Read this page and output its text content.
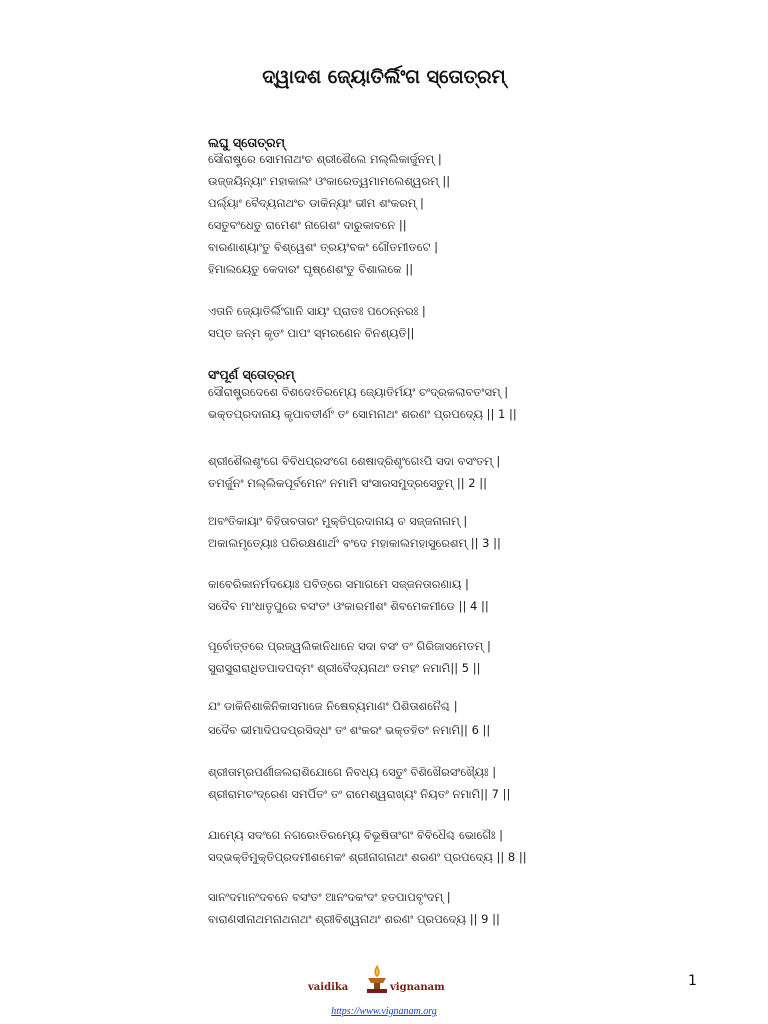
ଦ୍ୱାଦଶ ଜ୍ୟୋତିର୍ଲିଂଗ ସ୍ତୋତ୍ରମ୍
ଲଘୁ ସ୍ତୋତ୍ରମ୍
ସୌରାଷ୍ଟ୍ରେ ସୋମନାଥଂଚ ଶ୍ରୀଶୈଲେ ମଲ୍ଲିକାର୍ଜୁନମ୍ |
ଉଜ୍ଜୟିନ୍ୟାଂ ମହାକାଲଂ ଓଂକାରେତ୍ୱମାମଲେଶ୍ୱରମ୍ ||
ପର୍ଲ୍ୟାଂ ବୈଦ୍ୟନାଥଂଚ ଡାକିନ୍ୟାଂ ଭୀମ ଶଂକରମ୍ |
ସେତୁବଂଧେତୁ ରାମେଶଂ ନାଗେଶଂ ଦାରୁକାବନେ ||
ବାରଣାଶ୍ୟାଂତୁ ବିଶ୍ୱେଶଂ ତ୍ରୟଂବକଂ ଗୌତମୀତଟେ |
ହିମାଲୟେତୁ କେଦାରଂ ଘୃଷ୍ଣେଶଂତୁ ବିଶାଲକେ ||
ଏତାନି ଜ୍ୟୋତିର୍ଲିଂଗାନି ସାୟଂ ପ୍ରାତଃ ପଠେନ୍ନରଃ |
ସପ୍ତ ଜନ୍ମ କୃତଂ ପାପଂ ସ୍ମରଣେନ ବିନଶ୍ୟତି||
ସଂପୂର୍ଣ ସ୍ତୋତ୍ରମ୍
ସୌରାଷ୍ଟ୍ରଦେଶେ ବିଶଦେଽତିରମ୍ୟେ ଜ୍ୟୋତିର୍ମୟଂ ଚଂଦ୍ରକଲାବତଂସମ୍ |
ଭକ୍ତପ୍ରଦାନାୟ କୃପାବତୀର୍ଣଂ ତଂ ସୋମନାଥଂ ଶରଣଂ ପ୍ରପଦ୍ୟେ || 1 ||
ଶ୍ରୀଶୈଲଶୃଂଗେ ବିବିଧପ୍ରସଂଗେ ଶେଷାଦ୍ରିଶୃଂଗେଽପି ସଦା ବସଂତମ୍ |
ତମର୍ଜୁନଂ ମଲ୍ଲିକପୂର୍ବମେନଂ ନମାମି ସଂସାରସମୁଦ୍ରସେତୁମ୍ || 2 ||
ଅବଂତିକାୟାଂ ବିହିତାବତାରଂ ମୁକ୍ତିପ୍ରଦାନାୟ ଚ ସଜ୍ଜନାନାମ୍ |
ଅକାଲମୃତ୍ୟୋଃ ପରିରକ୍ଷଣାର୍ଥଂ ବଂଦେ ମହାକାଲମହାସୁରେଶମ୍ || 3 ||
କାବେରିକାନର୍ମଦୟୋଃ ପବିତ୍ରେ ସମାଗମେ ସଜ୍ଜନତାରଣାୟ |
ସଦୈବ ମାଂଧାତୃପୁରେ ବସଂତଂ ଓଂକାରମୀଶଂ ଶିବମେକମୀଡେ || 4 ||
ପୂର୍ବୋତ୍ତରେ ପ୍ରଜ୍ୱଲିକାନିଧାନେ ସଦା ବସଂ ତଂ ଗିରିଜାସମେତମ୍ |
ସୁରାସୁରାରାଧିତପାଦପଦ୍ମଂ ଶ୍ରୀବୈଦ୍ୟନାଥଂ ତମହଂ ନମାମି|| 5 ||
ଯଂ ଡାକିନିଶାକିନିକାସମାଜେ ନିଷେବ୍ୟମାଣଂ ପିଶିତାଶନୈଶ୍ଚ |
ସଦୈବ ଭୀମାଦିପଦପ୍ରସିଦ୍ଧଂ ତଂ ଶଂକରଂ ଭକ୍ତହିତଂ ନମାମି|| 6 ||
ଶ୍ରୀତାମ୍ରପର୍ଣୀଜଲରାଶିଯୋଗେ ନିବଧ୍ୟ ସେତୁଂ ବିଶିଖୈରସଂଖ୍ୟୈଃ |
ଶ୍ରୀରାମଚଂଦ୍ରେଣ ସମର୍ପିତଂ ତଂ ରାମେଶ୍ୱରାଖ୍ୟଂ ନିୟତଂ ନମାମି|| 7 ||
ଯାମ୍ୟେ ସଦଂଗେ ନଗରେଽତିରମ୍ୟେ ବିଭୂଷିତାଂଗଂ ବିବିଧୈଶ୍ଚ ଭୋଗୈଃ |
ସଦ୍ଭକ୍ତିମୁକ୍ତିପ୍ରଦମୀଶମେକଂ ଶ୍ରୀନାଗନାଥଂ ଶରଣଂ ପ୍ରପଦ୍ୟେ || 8 ||
ସାନଂଦମାନଂଦବନେ ବସଂତଂ ଆନଂଦକଂଦଂ ହତପାପବୃଂଦମ୍ |
ବାରାଣସୀନାଥମନାଥନାଥଂ ଶ୍ରୀବିଶ୍ୱନାଥଂ ଶରଣଂ ପ୍ରପଦ୍ୟେ || 9 ||
vaidika	vignanam
https://www.vignanam.org
1
